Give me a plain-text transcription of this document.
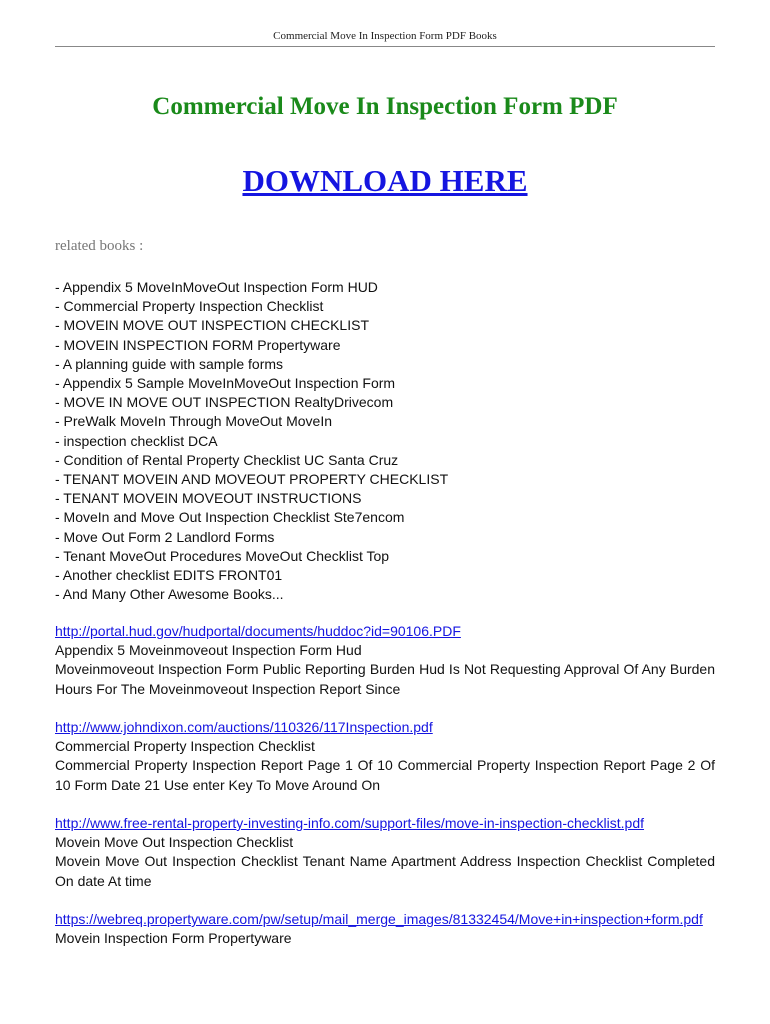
Commercial Move In Inspection Form PDF Books
Commercial Move In Inspection Form PDF
DOWNLOAD HERE
related books :
- Appendix 5 MoveInMoveOut Inspection Form HUD
- Commercial Property Inspection Checklist
- MOVEIN MOVE OUT INSPECTION CHECKLIST
- MOVEIN INSPECTION FORM Propertyware
- A planning guide with sample forms
- Appendix 5 Sample MoveInMoveOut Inspection Form
- MOVE IN MOVE OUT INSPECTION RealtyDrivecom
- PreWalk MoveIn Through MoveOut MoveIn
- inspection checklist DCA
- Condition of Rental Property Checklist UC Santa Cruz
- TENANT MOVEIN AND MOVEOUT PROPERTY CHECKLIST
- TENANT MOVEIN MOVEOUT INSTRUCTIONS
- MoveIn and Move Out Inspection Checklist Ste7encom
- Move Out Form 2 Landlord Forms
- Tenant MoveOut Procedures MoveOut Checklist Top
- Another checklist EDITS FRONT01
- And Many Other Awesome Books...
http://portal.hud.gov/hudportal/documents/huddoc?id=90106.PDF
Appendix 5 Moveinmoveout Inspection Form Hud
Moveinmoveout Inspection Form Public Reporting Burden Hud Is Not Requesting Approval Of Any Burden Hours For The Moveinmoveout Inspection Report Since
http://www.johndixon.com/auctions/110326/117Inspection.pdf
Commercial Property Inspection Checklist
Commercial Property Inspection Report Page 1 Of 10 Commercial Property Inspection Report Page 2 Of 10 Form Date 21 Use enter Key To Move Around On
http://www.free-rental-property-investing-info.com/support-files/move-in-inspection-checklist.pdf
Movein Move Out Inspection Checklist
Movein Move Out Inspection Checklist Tenant Name Apartment Address Inspection Checklist Completed On date At time
https://webreq.propertyware.com/pw/setup/mail_merge_images/81332454/Move+in+inspection+form.pdf
Movein Inspection Form Propertyware
